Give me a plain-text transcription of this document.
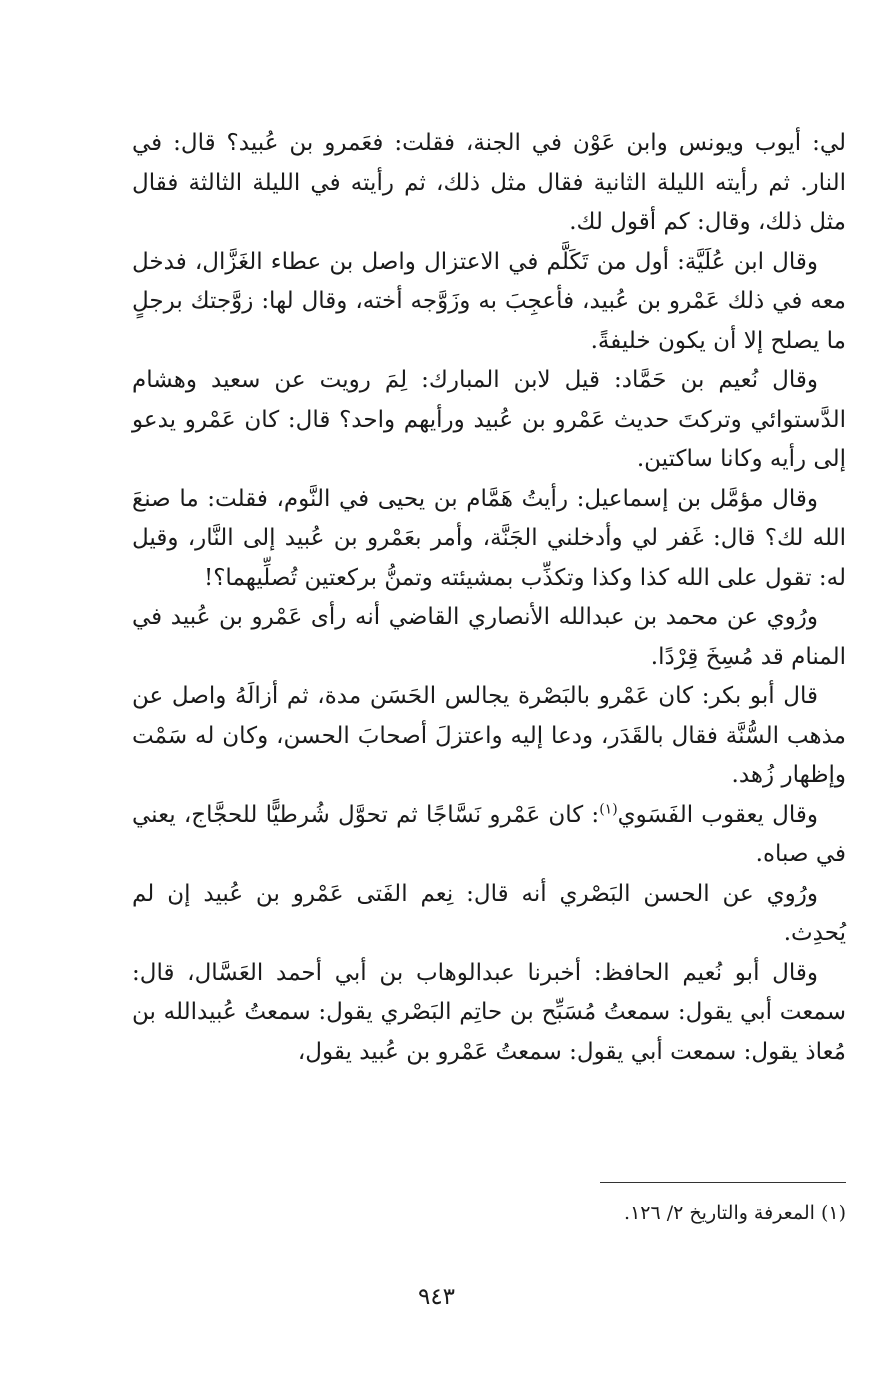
لي: أيوب ويونس وابن عَوْن في الجنة، فقلت: فعَمرو بن عُبيد؟ قال: في النار. ثم رأيته الليلة الثانية فقال مثل ذلك، ثم رأيته في الليلة الثالثة فقال مثل ذلك، وقال: كم أقول لك.

وقال ابن عُلَيَّة: أول من تَكَلَّم في الاعتزال واصل بن عطاء الغَزَّال، فدخل معه في ذلك عَمْرو بن عُبيد، فأعجِبَ به وزَوَّجه أخته، وقال لها: زوَّجتك برجلٍ ما يصلح إلا أن يكون خليفةً.

وقال نُعيم بن حَمَّاد: قيل لابن المبارك: لِمَ رويت عن سعيد وهشام الدَّستوائي وتركتَ حديث عَمْرو بن عُبيد ورأيهم واحد؟ قال: كان عَمْرو يدعو إلى رأيه وكانا ساكتين.

وقال مؤمَّل بن إسماعيل: رأيتُ هَمَّام بن يحيى في النَّوم، فقلت: ما صنعَ الله لك؟ قال: غَفر لي وأدخلني الجَنَّة، وأمر بعَمْرو بن عُبيد إلى النَّار، وقيل له: تقول على الله كذا وكذا وتكذِّب بمشيئته وتمنُّ بركعتين تُصلِّيهما؟!

ورُوي عن محمد بن عبدالله الأنصاري القاضي أنه رأى عَمْرو بن عُبيد في المنام قد مُسِخَ قِرْدًا.

قال أبو بكر: كان عَمْرو بالبَصْرة يجالس الحَسَن مدة، ثم أزالَهُ واصل عن مذهب السُّنَّة فقال بالقَدَر، ودعا إليه واعتزلَ أصحابَ الحسن، وكان له سَمْت وإظهار زُهد.

وقال يعقوب الفَسَوي$^{(١)}$: كان عَمْرو نَسَّاجًا ثم تحوَّل شُرطيًّا للحجَّاج، يعني في صباه.

ورُوي عن الحسن البَصْري أنه قال: نِعم الفَتى عَمْرو بن عُبيد إن لم يُحدِث.

وقال أبو نُعيم الحافظ: أخبرنا عبدالوهاب بن أبي أحمد العَسَّال، قال: سمعت أبي يقول: سمعتُ مُسَبِّح بن حاتِم البَصْري يقول: سمعتُ عُبيدالله بن مُعاذ يقول: سمعت أبي يقول: سمعتُ عَمْرو بن عُبيد يقول،

(١) المعرفة والتاريخ ٢/ ١٢٦.
٩٤٣
